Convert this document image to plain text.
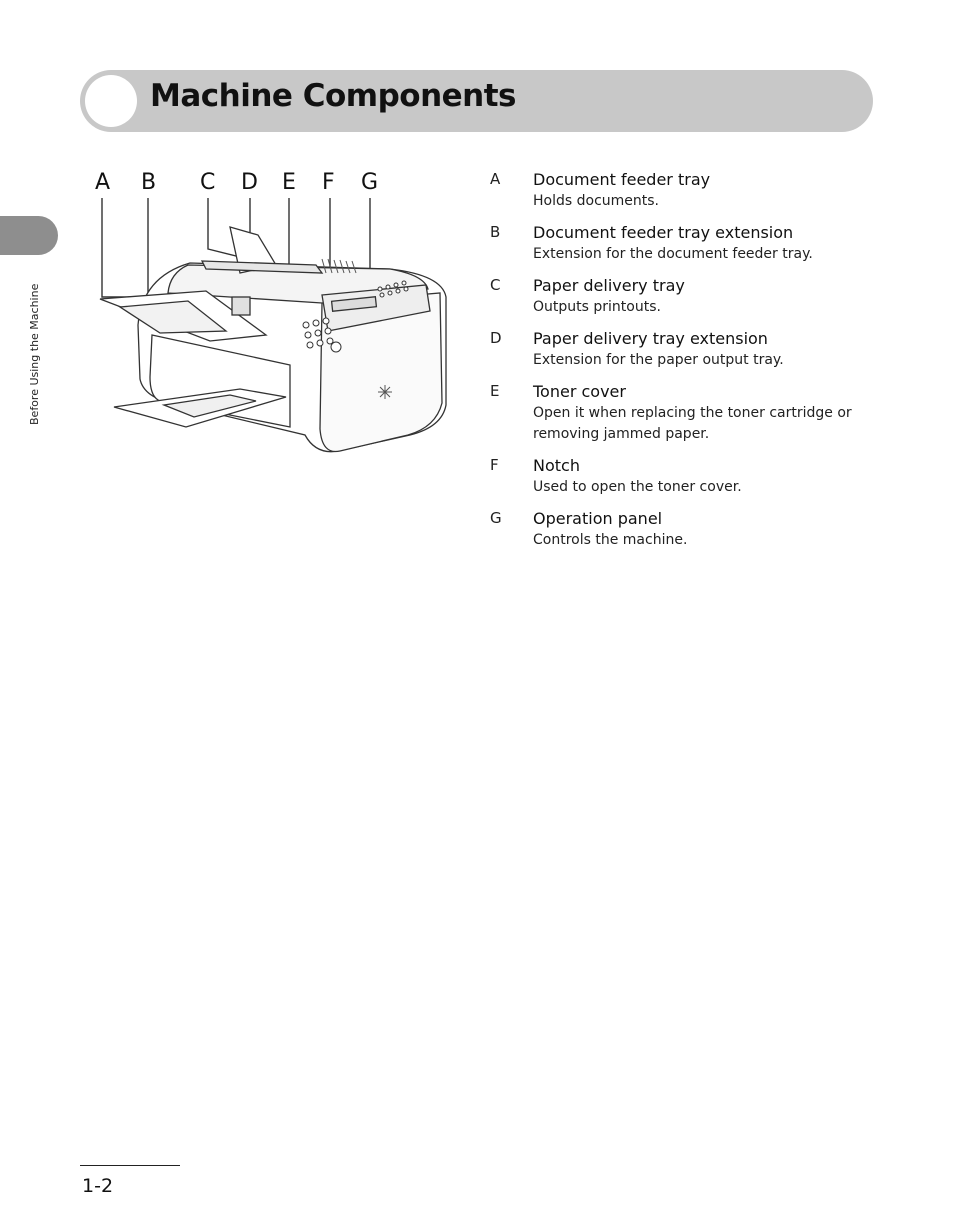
Machine Components
Before Using the Machine
A B C D E F G	A Document feeder tray
Holds documents.
B Document feeder tray extension
Extension for the document feeder tray.
C Paper delivery tray
Outputs printouts.
D Paper delivery tray extension
Extension for the paper output tray.
E Toner cover
Open it when replacing the toner cartridge or removing jammed paper.
F Notch
Used to open the toner cover.
G Operation panel
Controls the machine.
1-2
